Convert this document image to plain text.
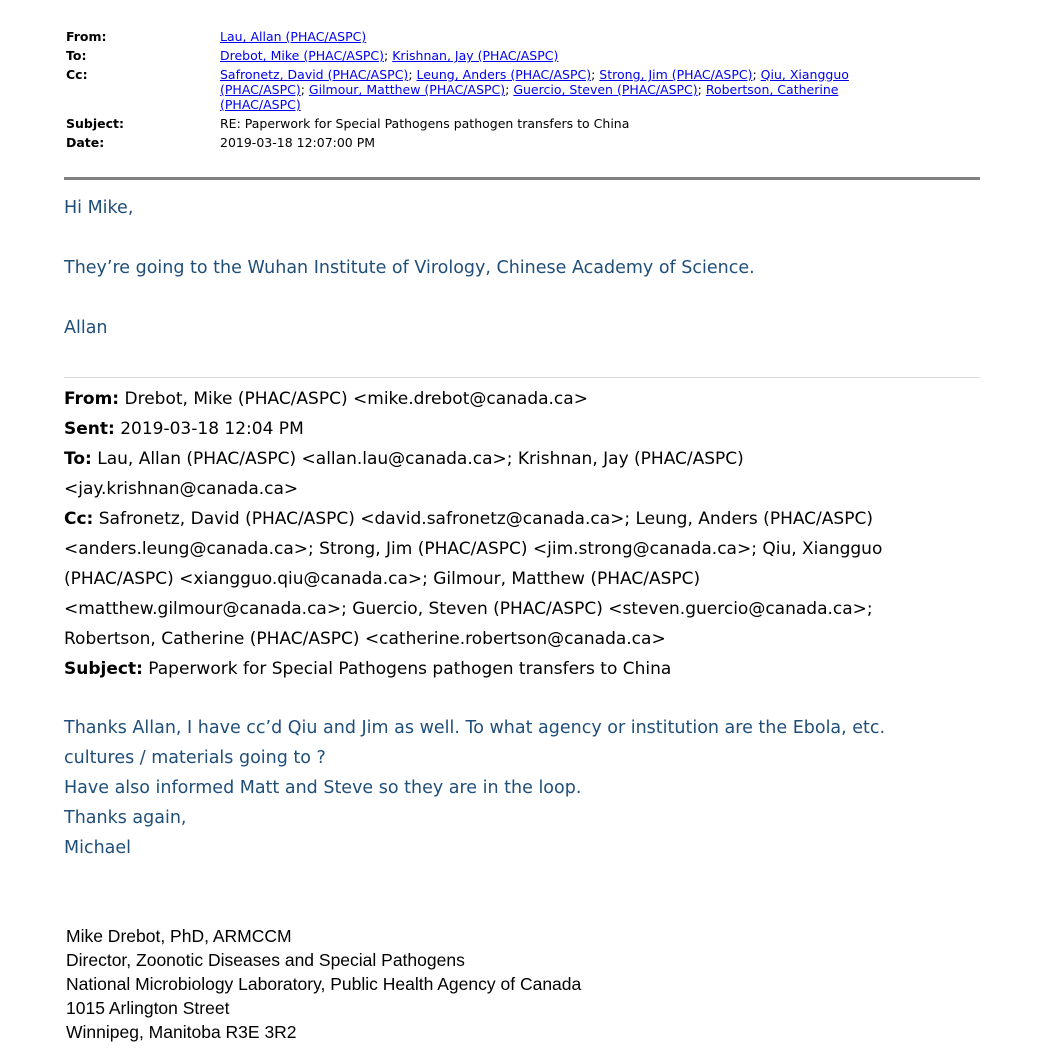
From:	Lau, Allan (PHAC/ASPC)
To:	Drebot, Mike (PHAC/ASPC); Krishnan, Jay (PHAC/ASPC)
Cc:	Safronetz, David (PHAC/ASPC); Leung, Anders (PHAC/ASPC); Strong, Jim (PHAC/ASPC); Qiu, Xiangguo
(PHAC/ASPC); Gilmour, Matthew (PHAC/ASPC); Guercio, Steven (PHAC/ASPC); Robertson, Catherine
(PHAC/ASPC)
Subject:	RE: Paperwork for Special Pathogens pathogen transfers to China
Date:	2019-03-18 12:07:00 PM

Hi Mike,

They’re going to the Wuhan Institute of Virology, Chinese Academy of Science.

Allan

From: Drebot, Mike (PHAC/ASPC) <mike.drebot@canada.ca>
Sent: 2019-03-18 12:04 PM
To: Lau, Allan (PHAC/ASPC) <allan.lau@canada.ca>; Krishnan, Jay (PHAC/ASPC)
<jay.krishnan@canada.ca>
Cc: Safronetz, David (PHAC/ASPC) <david.safronetz@canada.ca>; Leung, Anders (PHAC/ASPC)
<anders.leung@canada.ca>; Strong, Jim (PHAC/ASPC) <jim.strong@canada.ca>; Qiu, Xiangguo
(PHAC/ASPC) <xiangguo.qiu@canada.ca>; Gilmour, Matthew (PHAC/ASPC)
<matthew.gilmour@canada.ca>; Guercio, Steven (PHAC/ASPC) <steven.guercio@canada.ca>;
Robertson, Catherine (PHAC/ASPC) <catherine.robertson@canada.ca>
Subject: Paperwork for Special Pathogens pathogen transfers to China
Thanks Allan, I have cc’d Qiu and Jim as well. To what agency or institution are the Ebola, etc.
cultures / materials going to ?
Have also informed Matt and Steve so they are in the loop.
Thanks again,
Michael
Mike Drebot, PhD, ARMCCM
Director, Zoonotic Diseases and Special Pathogens
National Microbiology Laboratory, Public Health Agency of Canada
1015 Arlington Street
Winnipeg, Manitoba R3E 3R2
